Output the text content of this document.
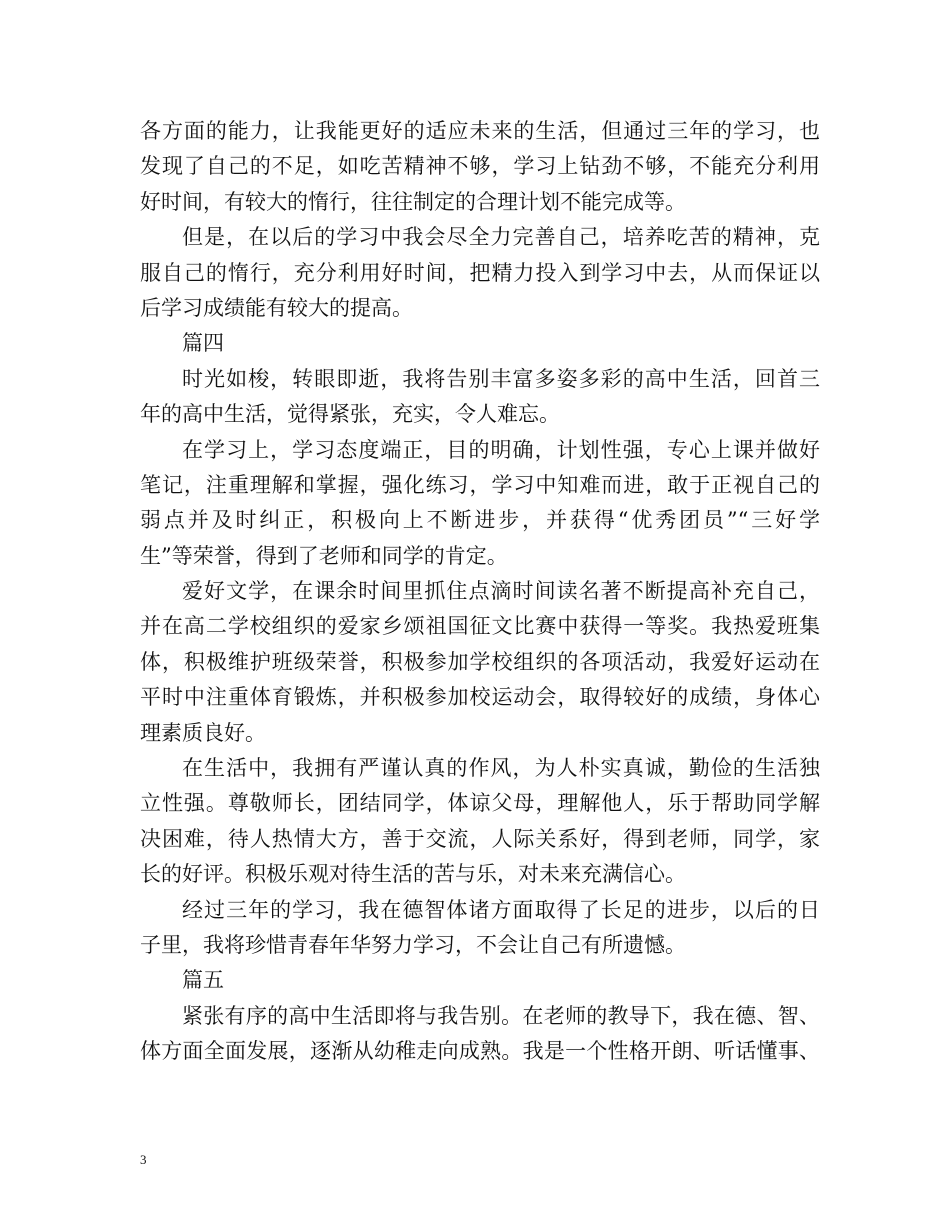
各方面的能力，让我能更好的适应未来的生活，但通过三年的学习，也
发现了自己的不足，如吃苦精神不够，学习上钻劲不够，不能充分利用
好时间，有较大的惰行，往往制定的合理计划不能完成等。
但是，在以后的学习中我会尽全力完善自己，培养吃苦的精神，克
服自己的惰行，充分利用好时间，把精力投入到学习中去，从而保证以
后学习成绩能有较大的提高。
篇四
时光如梭，转眼即逝，我将告别丰富多姿多彩的高中生活，回首三
年的高中生活，觉得紧张，充实，令人难忘。
在学习上，学习态度端正，目的明确，计划性强，专心上课并做好
笔记，注重理解和掌握，强化练习，学习中知难而进，敢于正视自己的
弱点并及时纠正，积极向上不断进步，并获得“优秀团员”“三好学
生”等荣誉，得到了老师和同学的肯定。
爱好文学，在课余时间里抓住点滴时间读名著不断提高补充自己，
并在高二学校组织的爱家乡颂祖国征文比赛中获得一等奖。我热爱班集
体，积极维护班级荣誉，积极参加学校组织的各项活动，我爱好运动在
平时中注重体育锻炼，并积极参加校运动会，取得较好的成绩，身体心
理素质良好。
在生活中，我拥有严谨认真的作风，为人朴实真诚，勤俭的生活独
立性强。尊敬师长，团结同学，体谅父母，理解他人，乐于帮助同学解
决困难，待人热情大方，善于交流，人际关系好，得到老师，同学，家
长的好评。积极乐观对待生活的苦与乐，对未来充满信心。
经过三年的学习，我在德智体诸方面取得了长足的进步，以后的日
子里，我将珍惜青春年华努力学习，不会让自己有所遗憾。
篇五
紧张有序的高中生活即将与我告别。在老师的教导下，我在德、智、
体方面全面发展，逐渐从幼稚走向成熟。我是一个性格开朗、听话懂事、
3
